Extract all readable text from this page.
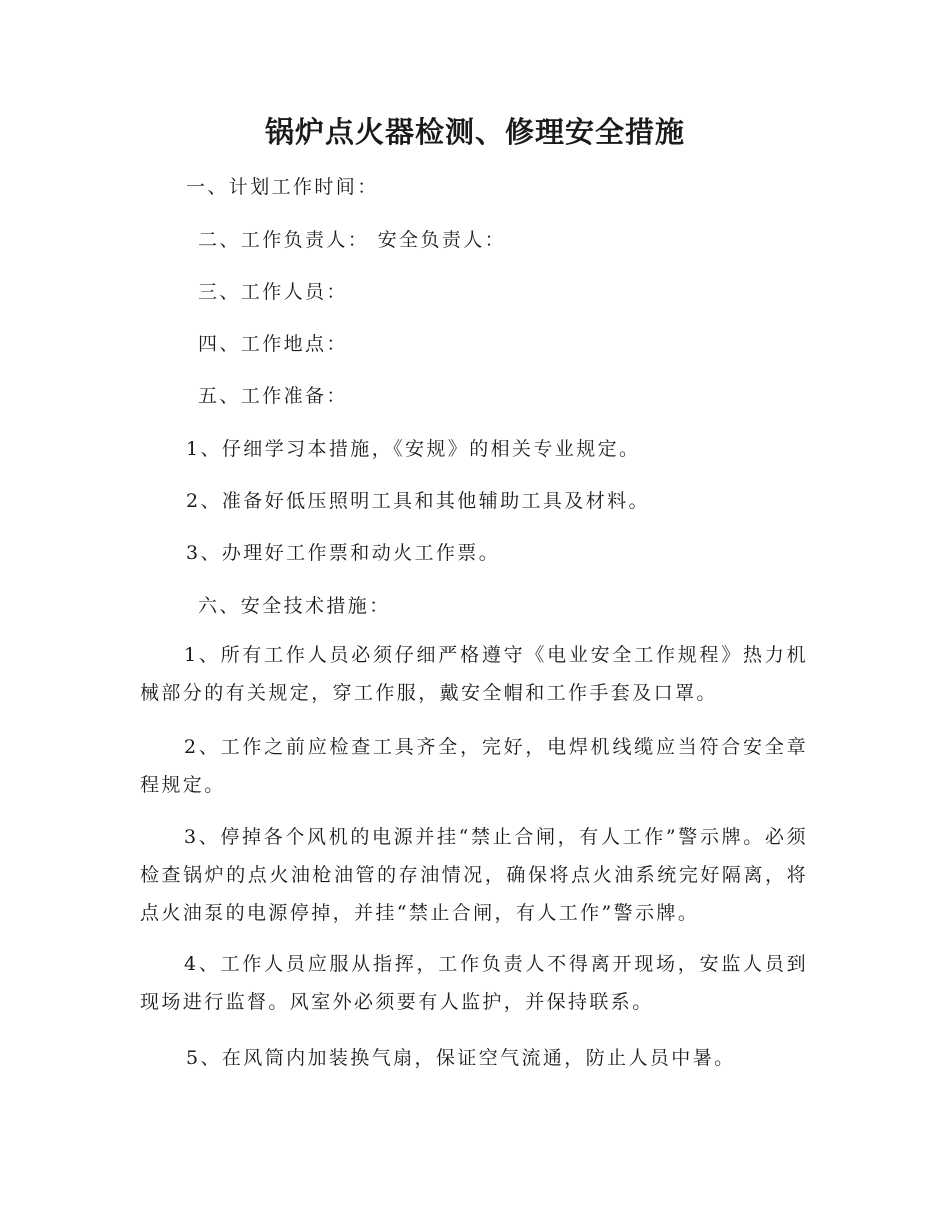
锅炉点火器检测、修理安全措施
一、计划工作时间：
二、工作负责人： 安全负责人：
三、工作人员：
四、工作地点：
五、工作准备：
1、仔细学习本措施，《安规》的相关专业规定。
2、准备好低压照明工具和其他辅助工具及材料。
3、办理好工作票和动火工作票。
六、安全技术措施：
1、所有工作人员必须仔细严格遵守《电业安全工作规程》热力机械部分的有关规定，穿工作服，戴安全帽和工作手套及口罩。
2、工作之前应检查工具齐全，完好，电焊机线缆应当符合安全章程规定。
3、停掉各个风机的电源并挂“禁止合闸，有人工作”警示牌。必须检查锅炉的点火油枪油管的存油情况，确保将点火油系统完好隔离，将点火油泵的电源停掉，并挂“禁止合闸，有人工作”警示牌。
4、工作人员应服从指挥，工作负责人不得离开现场，安监人员到现场进行监督。风室外必须要有人监护，并保持联系。
5、在风筒内加装换气扇，保证空气流通，防止人员中暑。
